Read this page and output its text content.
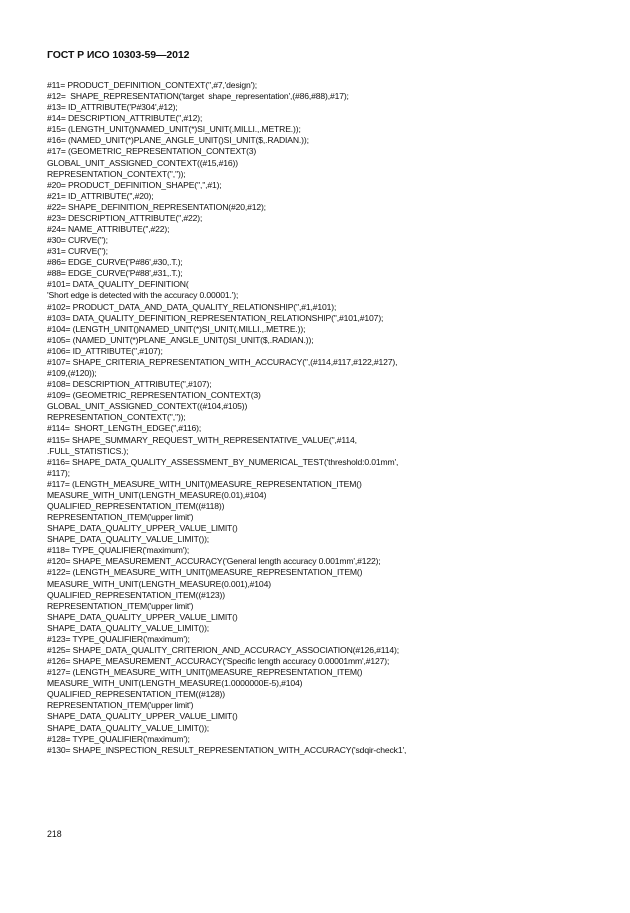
ГОСТ Р ИСО 10303-59—2012
#11= PRODUCT_DEFINITION_CONTEXT('',#7,'design');
#12=  SHAPE_REPRESENTATION('target  shape_representation',(#86,#88),#17);
#13= ID_ATTRIBUTE('P#304',#12);
#14= DESCRIPTION_ATTRIBUTE('',#12);
#15= (LENGTH_UNIT()NAMED_UNIT(*)SI_UNIT(.MILLI.,.METRE.));
#16= (NAMED_UNIT(*)PLANE_ANGLE_UNIT()SI_UNIT($,.RADIAN.));
#17= (GEOMETRIC_REPRESENTATION_CONTEXT(3)
GLOBAL_UNIT_ASSIGNED_CONTEXT((#15,#16))
REPRESENTATION_CONTEXT('',''));
#20= PRODUCT_DEFINITION_SHAPE('','',#1);
#21= ID_ATTRIBUTE('',#20);
#22= SHAPE_DEFINITION_REPRESENTATION(#20,#12);
#23= DESCRIPTION_ATTRIBUTE('',#22);
#24= NAME_ATTRIBUTE('',#22);
#30= CURVE('');
#31= CURVE('');
#86= EDGE_CURVE('P#86',#30,.T.);
#88= EDGE_CURVE('P#88',#31,.T.);
#101= DATA_QUALITY_DEFINITION(
'Short edge is detected with the accuracy 0.00001.');
#102= PRODUCT_DATA_AND_DATA_QUALITY_RELATIONSHIP('',#1,#101);
#103= DATA_QUALITY_DEFINITION_REPRESENTATION_RELATIONSHIP('',#101,#107);
#104= (LENGTH_UNIT()NAMED_UNIT(*)SI_UNIT(.MILLI.,.METRE.));
#105= (NAMED_UNIT(*)PLANE_ANGLE_UNIT()SI_UNIT($,.RADIAN.));
#106= ID_ATTRIBUTE('',#107);
#107= SHAPE_CRITERIA_REPRESENTATION_WITH_ACCURACY('',(#114,#117,#122,#127),
#109,(#120));
#108= DESCRIPTION_ATTRIBUTE('',#107);
#109= (GEOMETRIC_REPRESENTATION_CONTEXT(3)
GLOBAL_UNIT_ASSIGNED_CONTEXT((#104,#105))
REPRESENTATION_CONTEXT('',''));
#114=  SHORT_LENGTH_EDGE('',#116);
#115= SHAPE_SUMMARY_REQUEST_WITH_REPRESENTATIVE_VALUE('',#114,
.FULL_STATISTICS.);
#116= SHAPE_DATA_QUALITY_ASSESSMENT_BY_NUMERICAL_TEST('threshold:0.01mm',
#117);
#117= (LENGTH_MEASURE_WITH_UNIT()MEASURE_REPRESENTATION_ITEM()
MEASURE_WITH_UNIT(LENGTH_MEASURE(0.01),#104)
QUALIFIED_REPRESENTATION_ITEM((#118))
REPRESENTATION_ITEM('upper limit')
SHAPE_DATA_QUALITY_UPPER_VALUE_LIMIT()
SHAPE_DATA_QUALITY_VALUE_LIMIT());
#118= TYPE_QUALIFIER('maximum');
#120= SHAPE_MEASUREMENT_ACCURACY('General length accuracy 0.001mm',#122);
#122= (LENGTH_MEASURE_WITH_UNIT()MEASURE_REPRESENTATION_ITEM()
MEASURE_WITH_UNIT(LENGTH_MEASURE(0.001),#104)
QUALIFIED_REPRESENTATION_ITEM((#123))
REPRESENTATION_ITEM('upper limit')
SHAPE_DATA_QUALITY_UPPER_VALUE_LIMIT()
SHAPE_DATA_QUALITY_VALUE_LIMIT());
#123= TYPE_QUALIFIER('maximum');
#125= SHAPE_DATA_QUALITY_CRITERION_AND_ACCURACY_ASSOCIATION(#126,#114);
#126= SHAPE_MEASUREMENT_ACCURACY('Specific length accuracy 0.00001mm',#127);
#127= (LENGTH_MEASURE_WITH_UNIT()MEASURE_REPRESENTATION_ITEM()
MEASURE_WITH_UNIT(LENGTH_MEASURE(1.0000000E-5),#104)
QUALIFIED_REPRESENTATION_ITEM((#128))
REPRESENTATION_ITEM('upper limit')
SHAPE_DATA_QUALITY_UPPER_VALUE_LIMIT()
SHAPE_DATA_QUALITY_VALUE_LIMIT());
#128= TYPE_QUALIFIER('maximum');
#130= SHAPE_INSPECTION_RESULT_REPRESENTATION_WITH_ACCURACY('sdqir-check1',
218
